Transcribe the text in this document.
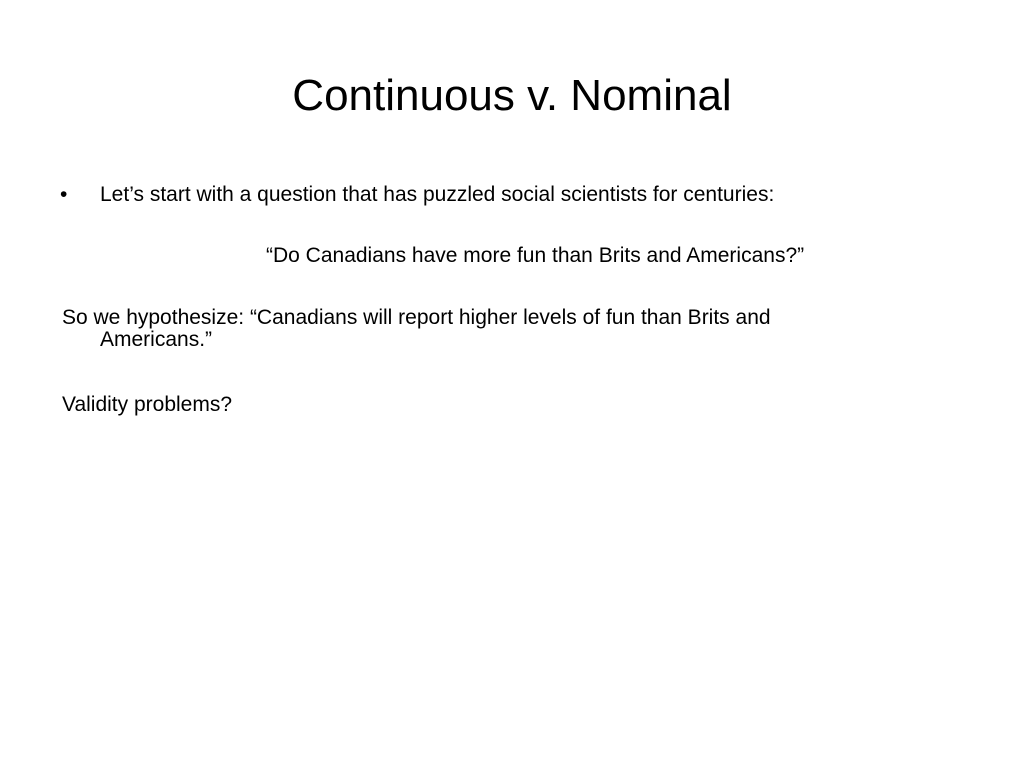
Continuous v. Nominal
• Let’s start with a question that has puzzled social scientists for centuries:
“Do Canadians have more fun than Brits and Americans?”
So we hypothesize: “Canadians will report higher levels of fun than Brits and
Americans.”
Validity problems?
